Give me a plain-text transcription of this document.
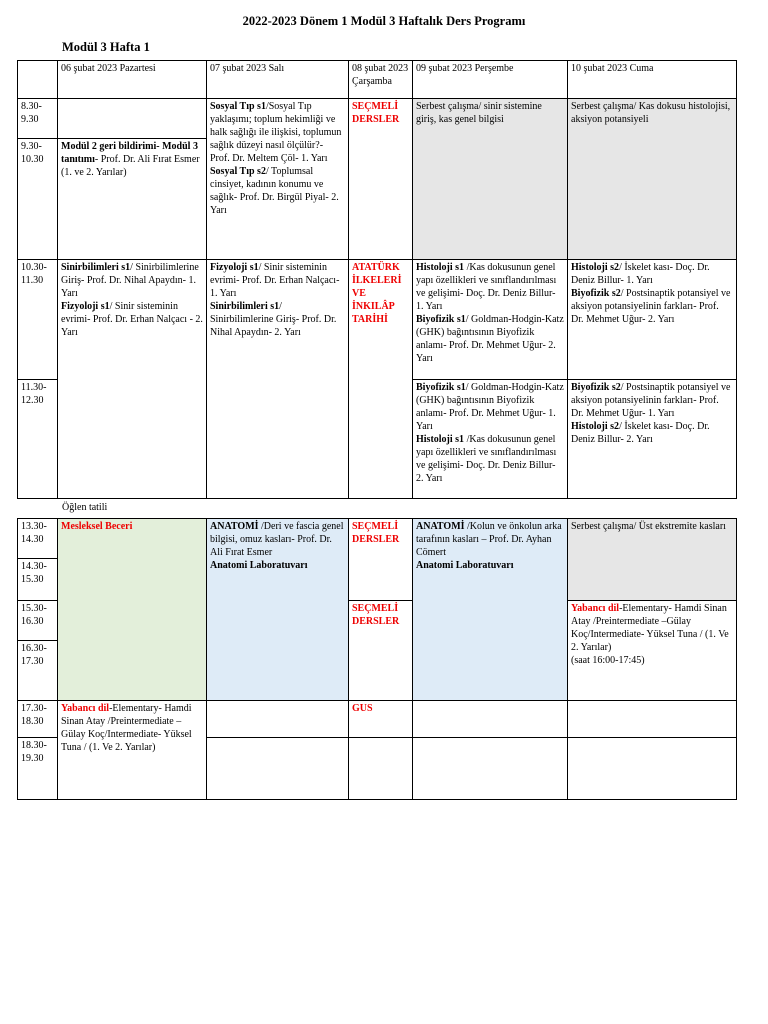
2022-2023 Dönem 1 Modül 3 Haftalık Ders Programı
Modül 3 Hafta 1
	06 şubat 2023 Pazartesi	07 şubat 2023 Salı	08 şubat 2023 Çarşamba	09 şubat 2023 Perşembe	10 şubat 2023 Cuma
8.30-9.30		Sosyal Tıp s1/Sosyal Tıp yaklaşımı; toplum hekimliği ve halk sağlığı ile ilişkisi, toplumun sağlık düzeyi nasıl ölçülür?- Prof. Dr. Meltem Çöl- 1. Yarı
Sosyal Tıp s2/ Toplumsal cinsiyet, kadının konumu ve sağlık- Prof. Dr. Birgül Piyal- 2. Yarı	SEÇMELİ DERSLER	Serbest çalışma/ sinir sistemine giriş, kas genel bilgisi	Serbest çalışma/ Kas dokusu histolojisi, aksiyon potansiyeli
9.30-10.30	Modül 2 geri bildirimi- Modül 3 tanıtımı- Prof. Dr. Ali Fırat Esmer (1. ve 2. Yarılar)				
10.30-11.30	Sinirbilimleri s1/ Sinirbilimlerine Giriş- Prof. Dr. Nihal Apaydın- 1. Yarı
Fizyoloji s1/ Sinir sisteminin evrimi- Prof. Dr. Erhan Nalçacı - 2. Yarı	Fizyoloji s1/ Sinir sisteminin evrimi- Prof. Dr. Erhan Nalçacı- 1. Yarı
Sinirbilimleri s1/ Sinirbilimlerine Giriş- Prof. Dr. Nihal Apaydın- 2. Yarı	ATATÜRK İLKELERİ VE İNKILÂP TARİHİ	Histoloji s1 /Kas dokusunun genel yapı özellikleri ve sınıflandırılması ve gelişimi- Doç. Dr. Deniz Billur- 1. Yarı
Biyofizik s1/ Goldman-Hodgin-Katz (GHK) bağıntısının Biyofizik anlamı- Prof. Dr. Mehmet Uğur- 2. Yarı	Histoloji s2/ İskelet kası- Doç. Dr. Deniz Billur- 1. Yarı
Biyofizik s2/ Postsinaptik potansiyel ve aksiyon potansiyelinin farkları- Prof. Dr. Mehmet Uğur- 2. Yarı
11.30-12.30				Biyofizik s1/ Goldman-Hodgin-Katz (GHK) bağıntısının Biyofizik anlamı- Prof. Dr. Mehmet Uğur- 1. Yarı
Histoloji s1 /Kas dokusunun genel yapı özellikleri ve sınıflandırılması ve gelişimi- Doç. Dr. Deniz Billur- 2. Yarı	Biyofizik s2/ Postsinaptik potansiyel ve aksiyon potansiyelinin farkları- Prof. Dr. Mehmet Uğur- 1. Yarı
Histoloji s2/ İskelet kası- Doç. Dr. Deniz Billur- 2. Yarı
Öğlen tatili
13.30-14.30	Mesleksel Beceri	ANATOMİ /Deri ve fascia genel bilgisi, omuz kasları- Prof. Dr. Ali Fırat Esmer
Anatomi Laboratuvarı	SEÇMELİ DERSLER	ANATOMİ /Kolun ve önkolun arka tarafının kasları – Prof. Dr. Ayhan Cömert
Anatomi Laboratuvarı	Serbest çalışma/ Üst ekstremite kasları
14.30-15.30					
15.30-16.30			SEÇMELİ DERSLER		Yabancı dil-Elementary- Hamdi Sinan Atay /Preintermediate –Gülay Koç/Intermediate- Yüksel Tuna / (1. Ve 2. Yarılar)
(saat 16:00-17:45)
16.30-17.30					
17.30-18.30	Yabancı dil-Elementary- Hamdi Sinan Atay /Preintermediate –Gülay Koç/Intermediate- Yüksel Tuna / (1. Ve 2. Yarılar)		GUS		
18.30-19.30					
